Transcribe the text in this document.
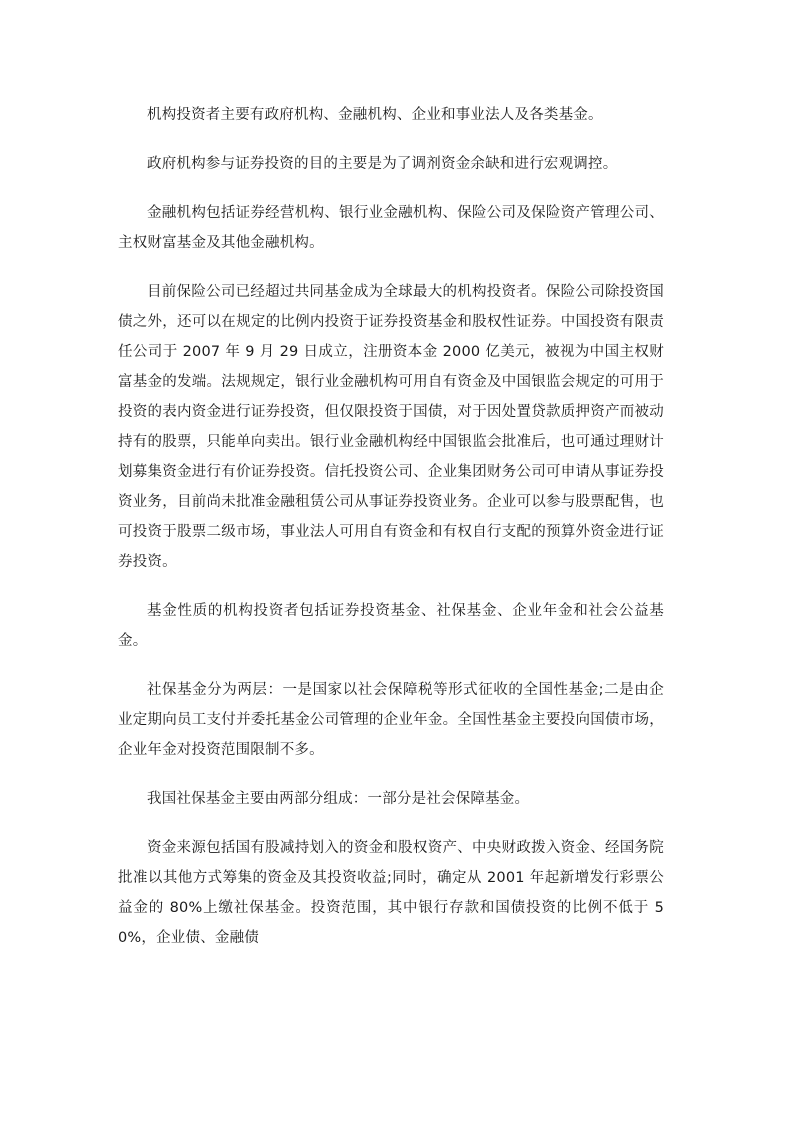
机构投资者主要有政府机构、金融机构、企业和事业法人及各类基金。

政府机构参与证券投资的目的主要是为了调剂资金余缺和进行宏观调控。

金融机构包括证券经营机构、银行业金融机构、保险公司及保险资产管理公司、主权财富基金及其他金融机构。

目前保险公司已经超过共同基金成为全球最大的机构投资者。保险公司除投资国债之外，还可以在规定的比例内投资于证券投资基金和股权性证券。中国投资有限责任公司于 2007 年 9 月 29 日成立，注册资本金 2000 亿美元，被视为中国主权财富基金的发端。法规规定，银行业金融机构可用自有资金及中国银监会规定的可用于投资的表内资金进行证券投资，但仅限投资于国债，对于因处置贷款质押资产而被动持有的股票，只能单向卖出。银行业金融机构经中国银监会批准后，也可通过理财计划募集资金进行有价证券投资。信托投资公司、企业集团财务公司可申请从事证券投资业务，目前尚未批准金融租赁公司从事证券投资业务。企业可以参与股票配售，也可投资于股票二级市场，事业法人可用自有资金和有权自行支配的预算外资金进行证券投资。

基金性质的机构投资者包括证券投资基金、社保基金、企业年金和社会公益基金。

社保基金分为两层：一是国家以社会保障税等形式征收的全国性基金;二是由企业定期向员工支付并委托基金公司管理的企业年金。全国性基金主要投向国债市场，企业年金对投资范围限制不多。

我国社保基金主要由两部分组成：一部分是社会保障基金。

资金来源包括国有股减持划入的资金和股权资产、中央财政拨入资金、经国务院 批准以其他方式筹集的资金及其投资收益;同时，确定从 2001 年起新增发行彩票公益金的 80%上缴社保基金。投资范围，其中银行存款和国债投资的比例不低于 50%，企业债、金融债
